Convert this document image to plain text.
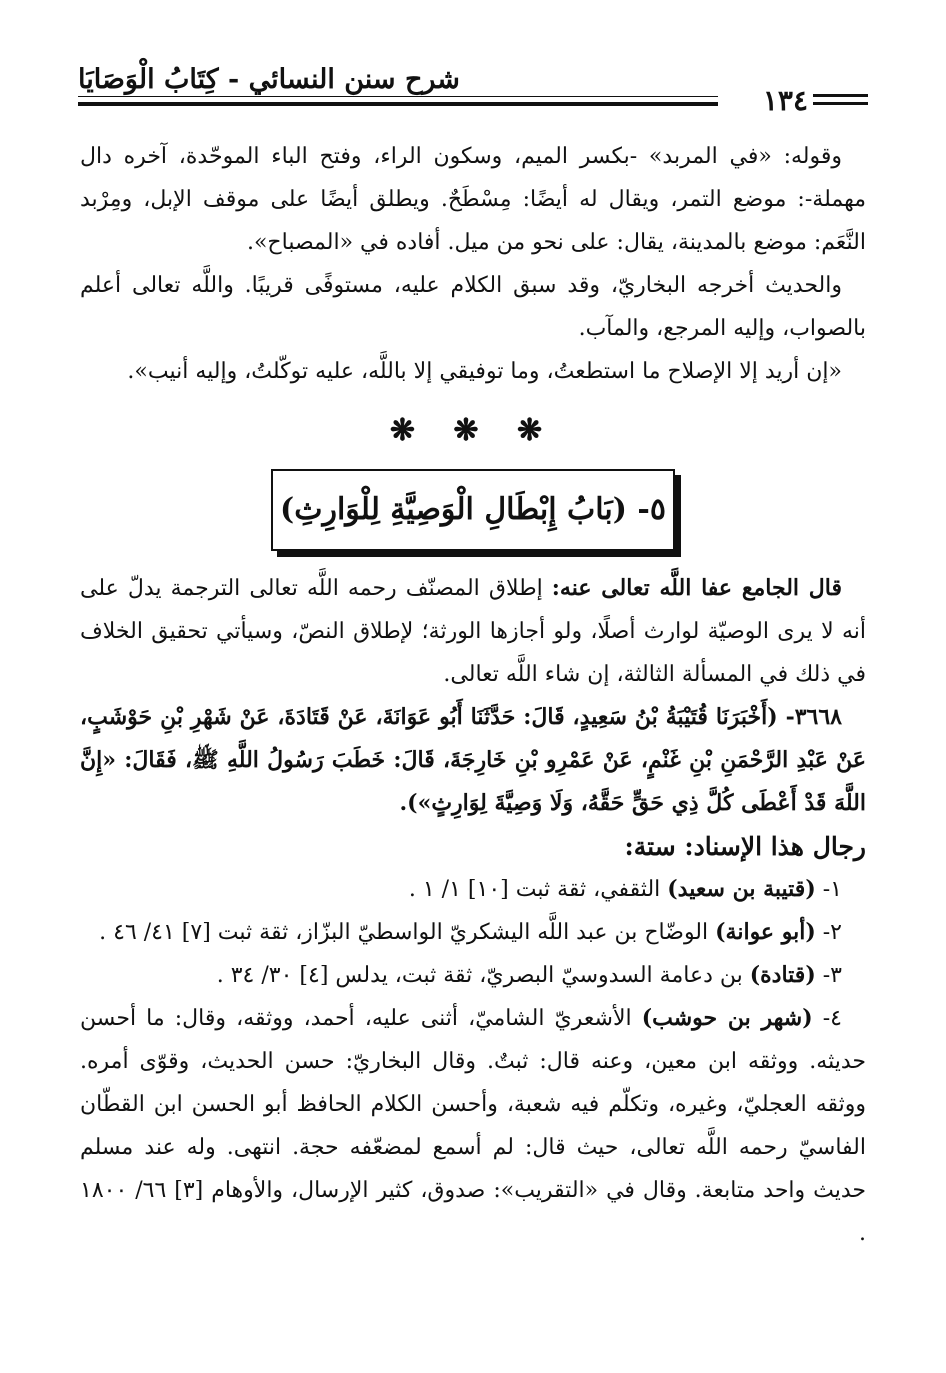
شرح سنن النسائي - كِتَابُ الْوَصَايَا
١٣٤

وقوله: «في المربد» -بكسر الميم، وسكون الراء، وفتح الباء الموحّدة، آخره دال مهملة-: موضع التمر، ويقال له أيضًا: مِسْطَحٌ. ويطلق أيضًا على موقف الإبل، ومِرْبد النَّعَم: موضع بالمدينة، يقال: على نحو من ميل. أفاده في «المصباح».

والحديث أخرجه البخاريّ، وقد سبق الكلام عليه، مستوفًى قريبًا. واللَّه تعالى أعلم بالصواب، وإليه المرجع، والمآب.

«إن أريد إلا الإصلاح ما استطعتُ، وما توفيقي إلا باللَّه، عليه توكّلتُ، وإليه أنيب».

❋ ❋ ❋
٥- (بَابُ إِبْطَالِ الْوَصِيَّةِ لِلْوَارِثِ)

قال الجامع عفا اللَّه تعالى عنه: إطلاق المصنّف رحمه اللَّه تعالى الترجمة يدلّ على أنه لا يرى الوصيّة لوارث أصلًا، ولو أجازها الورثة؛ لإطلاق النصّ، وسيأتي تحقيق الخلاف في ذلك في المسألة الثالثة، إن شاء اللَّه تعالى.

٣٦٦٨- (أَخْبَرَنَا قُتَيْبَةُ بْنُ سَعِيدٍ، قَالَ: حَدَّثَنَا أَبُو عَوَانَةَ، عَنْ قَتَادَةَ، عَنْ شَهْرِ بْنِ حَوْشَبٍ، عَنْ عَبْدِ الرَّحْمَنِ بْنِ غَنْمٍ، عَنْ عَمْرِو بْنِ خَارِجَةَ، قَالَ: خَطَبَ رَسُولُ اللَّهِ ﷺ، فَقَالَ: «إِنَّ اللَّهَ قَدْ أَعْطَى كُلَّ ذِي حَقٍّ حَقَّهُ، وَلَا وَصِيَّةَ لِوَارِثٍ»).

رجال هذا الإسناد: ستة:

١- (قتيبة بن سعيد) الثقفي، ثقة ثبت [١٠] ١/ ١ .

٢- (أبو عوانة) الوضّاح بن عبد اللَّه اليشكريّ الواسطيّ البزّاز، ثقة ثبت [٧] ٤١/ ٤٦ .

٣- (قتادة) بن دعامة السدوسيّ البصريّ، ثقة ثبت، يدلس [٤] ٣٠/ ٣٤ .

٤- (شهر بن حوشب) الأشعريّ الشاميّ، أثنى عليه، أحمد، ووثقه، وقال: ما أحسن حديثه. ووثقه ابن معين، وعنه قال: ثبتٌ. وقال البخاريّ: حسن الحديث، وقوّى أمره. ووثقه العجليّ، وغيره، وتكلّم فيه شعبة، وأحسن الكلام الحافظ أبو الحسن ابن القطّان الفاسيّ رحمه اللَّه تعالى، حيث قال: لم أسمع لمضعّفه حجة. انتهى. وله عند مسلم حديث واحد متابعة. وقال في «التقريب»: صدوق، كثير الإرسال، والأوهام [٣] ٦٦/ ١٨٠٠ .
